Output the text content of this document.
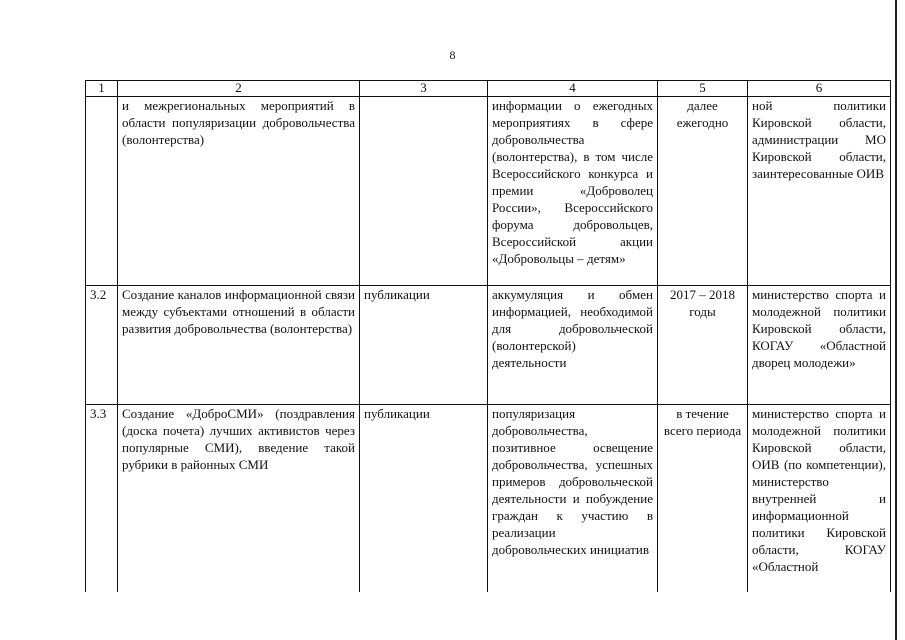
8
1	2	3	4	5	6
	и межрегиональных мероприятий в области популяризации добровольчества (волонтерства)		информации о ежегодных мероприятиях в сфере добровольчества (волонтерства), в том числе Всероссийского конкурса и премии «Доброволец России», Всероссийского форума добровольцев, Всероссийской акции «Добровольцы – детям»	далее ежегодно	ной политики Кировской области, администрации МО Кировской области, заинтересованные ОИВ
3.2	Создание каналов информационной связи между субъектами отношений в области развития добровольчества (волонтерства)	публикации	аккумуляция и обмен информацией, необходимой для добровольческой (волонтерской) деятельности	2017 – 2018 годы	министерство спорта и молодежной политики Кировской области, КОГАУ «Областной дворец молодежи»
3.3	Создание «ДоброСМИ» (поздравления (доска почета) лучших активистов через популярные СМИ), введение такой рубрики в районных СМИ	публикации	популяризация добровольчества, позитивное освещение добровольчества, успешных примеров добровольческой деятельности и побуждение граждан к участию в реализации добровольческих инициатив	в течение всего периода	министерство спорта и молодежной политики Кировской области, ОИВ (по компетенции), министерство внутренней и информационной политики Кировской области, КОГАУ «Областной
